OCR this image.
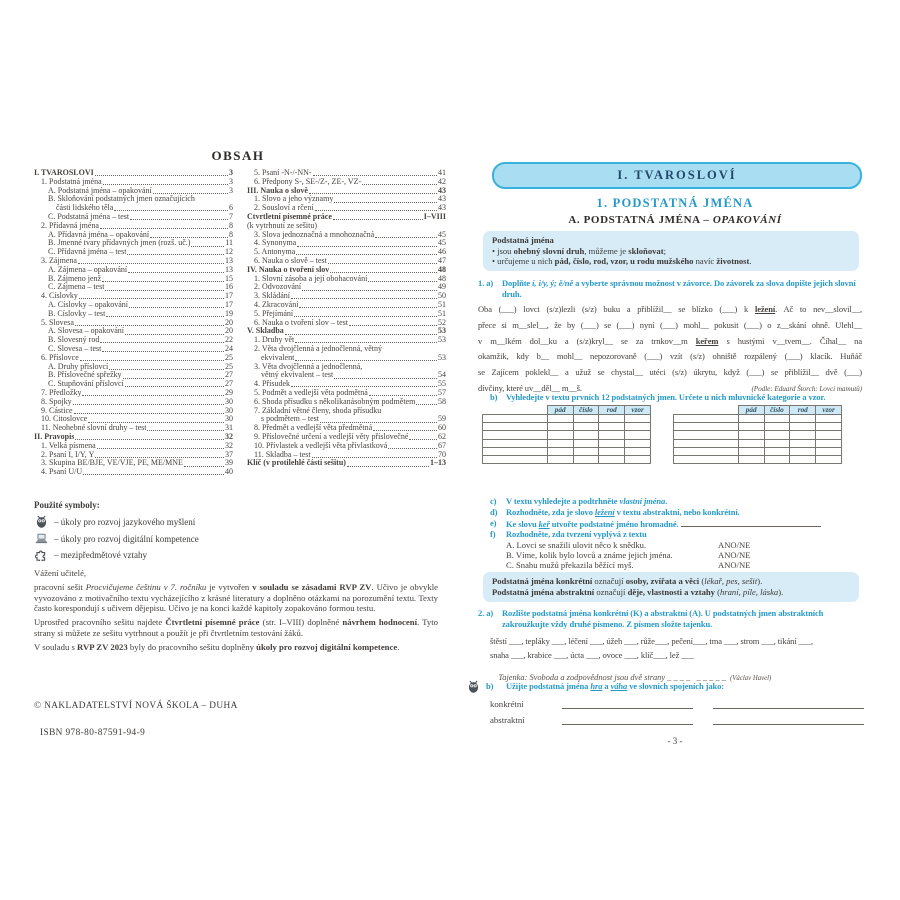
OBSAH
I. TVAROSLOVÍ	3
1. Podstatná jména	3
A. Podstatná jména – opakování	3
B. Skloňování podstatných jmen označujících
části lidského těla	6
C. Podstatná jména – test	7
2. Přídavná jména	8
A. Přídavná jména – opakování	8
B. Jmenné tvary přídavných jmen (rozš. uč.)	11
C. Přídavná jména – test	12
3. Zájmena	13
A. Zájmena – opakování	13
B. Zájmeno jenž	15
C. Zájmena – test	16
4. Číslovky	17
A. Číslovky – opakování	17
B. Číslovky – test	19
5. Slovesa	20
A. Slovesa – opakování	20
B. Slovesný rod	22
C. Slovesa – test	24
6. Příslovce	25
A. Druhy příslovcí	25
B. Příslovečné spřežky	27
C. Stupňování příslovcí	27
7. Předložky	29
8. Spojky	30
9. Částice	30
10. Citoslovce	30
11. Neohebné slovní druhy – test	31
II. Pravopis	32
1. Velká písmena	32
2. Psaní I, Í/Y, Ý	37
3. Skupina BĚ/BJE, VĚ/VJE, PĚ, MĚ/MNĚ	39
4. Psaní Ú/Ů	40
5. Psaní -N-/-NN-	41
6. Předpony S-, SE-/Z-, ZE-, VZ-	42
III. Nauka o slově	43
1. Slovo a jeho významy	43
2. Sousloví a rčení	43
Čtvrtletní písemné práce	I–VIII
(k vytrhnutí ze sešitu)
3. Slova jednoznačná a mnohoznačná	45
4. Synonyma	45
5. Antonyma	46
6. Nauka o slově – test	47
IV. Nauka o tvoření slov	48
1. Slovní zásoba a její obohacování	48
2. Odvozování	49
3. Skládání	50
4. Zkracování	51
5. Přejímání	51
6. Nauka o tvoření slov – test	52
V. Skladba	53
1. Druhy vět	53
2. Věta dvojčlenná a jednočlenná, větný
ekvivalent	53
3. Věta dvojčlenná a jednočlenná,
větný ekvivalent – test	54
4. Přísudek	55
5. Podmět a vedlejší věta podmětná	57
6. Shoda přísudku s několikanásobným podmětem	58
7. Základní větné členy, shoda přísudku
s podmětem – test	59
8. Předmět a vedlejší věta předmětná	60
9. Příslovečné určení a vedlejší věty příslovečné	62
10. Přívlastek a vedlejší věta přívlastková	67
11. Skladba – test	70
Klíč (v protilehlé části sešitu)	1–13
Použité symboly:
– úkoly pro rozvoj jazykového myšlení
– úkoly pro rozvoj digitální kompetence
– mezipředmětové vztahy

Vážení učitelé,

pracovní sešit Procvičujeme češtinu v 7. ročníku je vytvořen v souladu se zásadami RVP ZV. Učivo je obvykle vyvozováno z motivačního textu vycházejícího z krásné literatury a doplněno otázkami na porozumění textu. Texty často korespondují s učivem dějepisu. Učivo je na konci každé kapitoly zopakováno formou testu.

Uprostřed pracovního sešitu najdete Čtvrtletní písemné práce (str. I–VIII) doplněné návrhem hodnocení. Tyto strany si můžete ze sešitu vytrhnout a použít je při čtvrtletním testování žáků.

V souladu s RVP ZV 2023 byly do pracovního sešitu doplněny úkoly pro rozvoj digitální kompetence.

© NAKLADATELSTVÍ NOVÁ ŠKOLA – DUHA
ISBN 978-80-87591-94-9
I. TVAROSLOVÍ
1. PODSTATNÁ JMÉNA
A. PODSTATNÁ JMÉNA – OPAKOVÁNÍ
Podstatná jména
• jsou ohebný slovní druh, můžeme je skloňovat;
• určujeme u nich pád, číslo, rod, vzor, u rodu mužského navíc životnost.
1. a)	Doplňte í, i/y, ý; ě/ně a vyberte správnou možnost v závorce. Do závorek za slova dopište jejich slovní druh.
Oba (___) lovci (s/z)lezli (s/z) buku a přiblížil__ se blízko (___) k ležení. Ač to nev__slovil__,
přece si m__slel__, že by (___) se (___) nyní (___) mohl__ pokusit (___) o z__skání ohně. Ulehl__
v m__lkém dol__ku a (s/z)kryl__ se za trnkov__m keřem s hustými v__tvem__. Číhal__ na
okamžik, kdy b__ mohl__ nepozorovaně (___) vzít (s/z) ohniště rozpálený (___) klacík. Huňáč
se Zajícem poklekl__ a užuž se chystal__ utéci (s/z) úkrytu, když (___) se přiblížil__ dvě (___)
dívčiny, které uv__děl__ m__š.	(Podle: Eduard Štorch: Lovci mamutů)
b)	Vyhledejte v textu prvních 12 podstatných jmen. Určete u nich mluvnické kategorie a vzor.
pád	číslo	rod	vzor	pád	číslo	rod	vzor
c)	V textu vyhledejte a podtrhněte vlastní jména.
d)	Rozhodněte, zda je slovo ležení v textu abstraktní, nebo konkrétní.
e)	Ke slovu keř utvořte podstatné jméno hromadné.
f)	Rozhodněte, zda tvrzení vyplývá z textu
A. Lovci se snažili ulovit něco k snědku.	ANO/NE
B. Víme, kolik bylo lovců a známe jejich jména.	ANO/NE
C. Snahu mužů překazila běžící myš.	ANO/NE
Podstatná jména konkrétní označují osoby, zvířata a věci (lékař, pes, sešit).
Podstatná jména abstraktní označují děje, vlastnosti a vztahy (hraní, píle, láska).
2. a)	Rozlište podstatná jména konkrétní (K) a abstraktní (A). U podstatných jmen abstraktních zakroužkujte vždy druhé písmeno. Z písmen složte tajenku.
štěstí ___, tepláky ___, léčení ___, úžeh ___, růže___, pečení___, tma ___, strom ___, tikání ___,
snaha ___, krabice ___, úcta ___, ovoce ___, klíč___, lež ___

Tajenka: Svoboda a zodpovědnost jsou dvě strany _ _ _ _   _ _ _ _ _  (Václav Havel)

b)	Užijte podstatná jména hra a váha ve slovních spojeních jako:
konkrétní
abstraktní
- 3 -
